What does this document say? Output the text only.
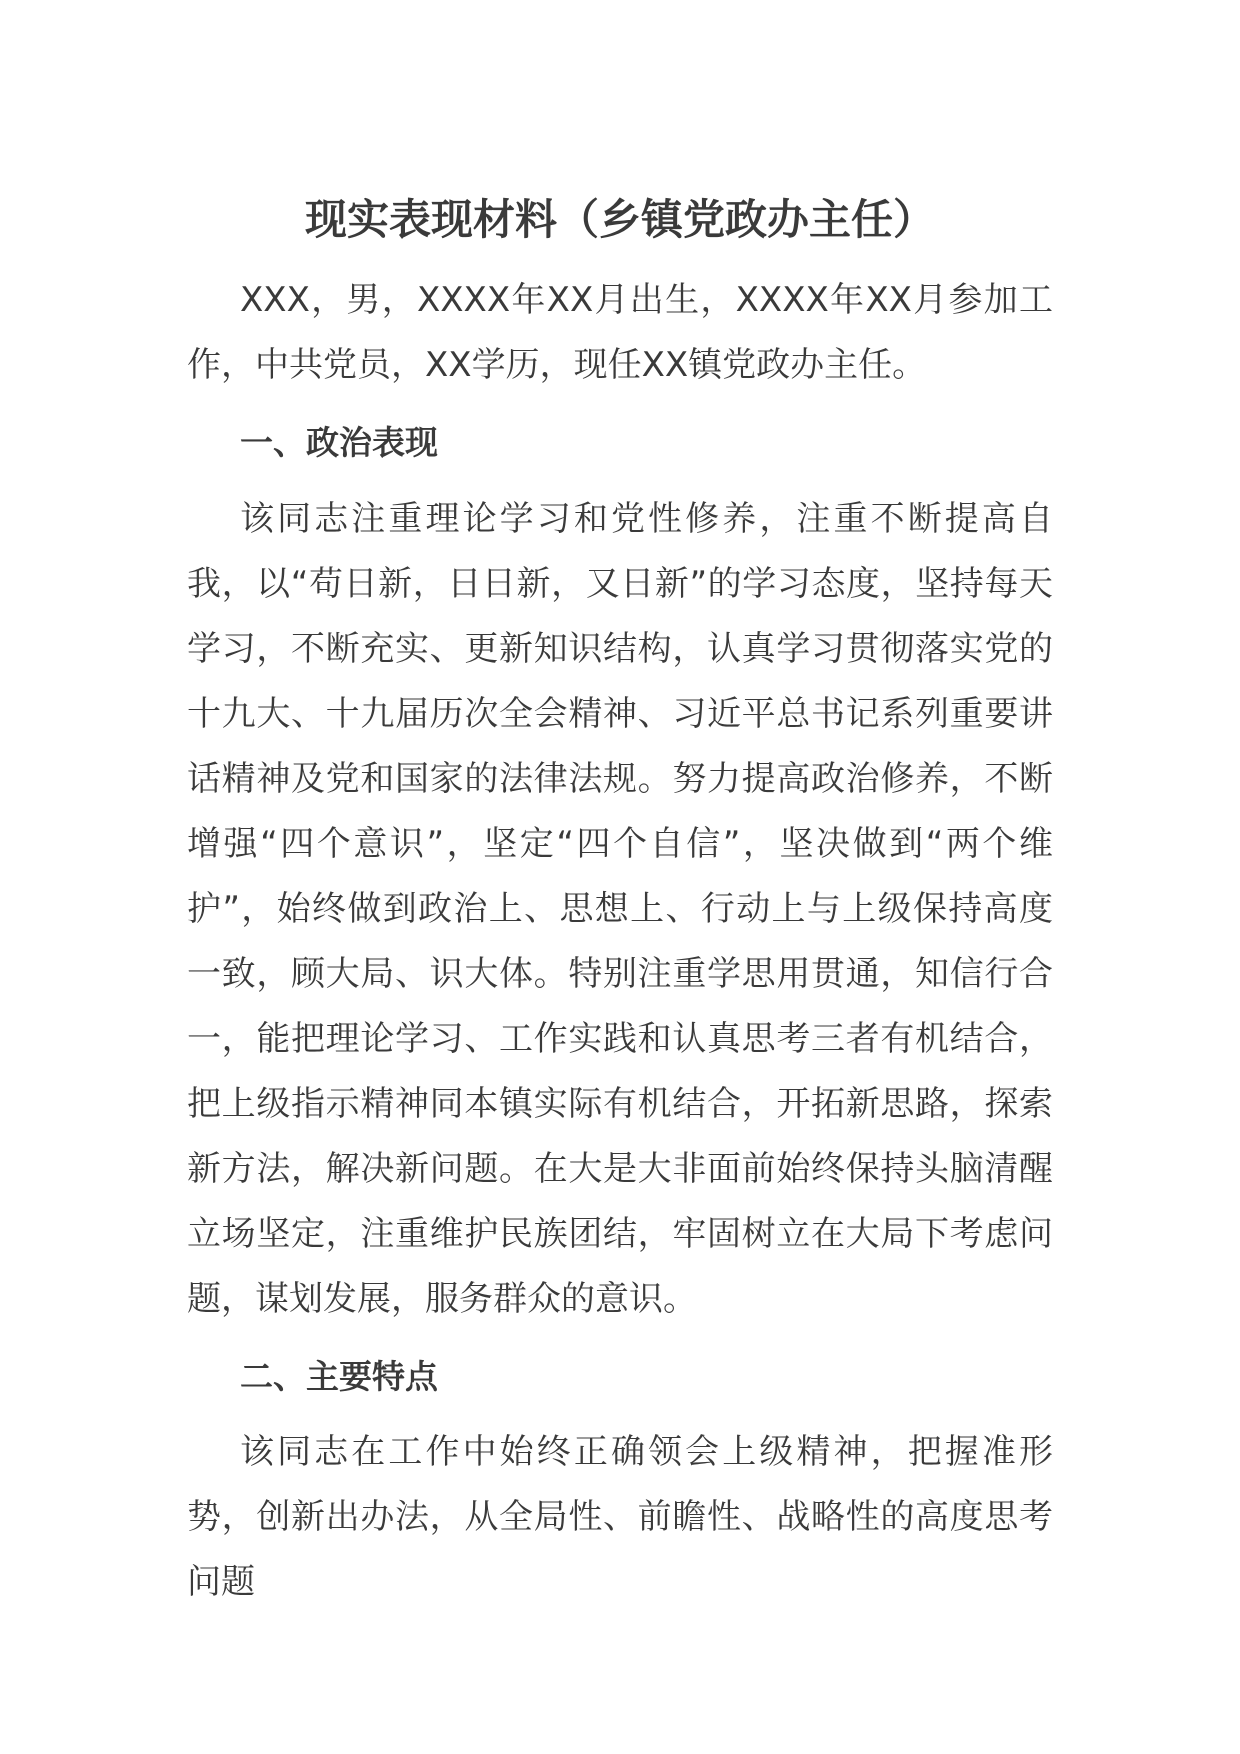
现实表现材料（乡镇党政办主任）

XXX，男，XXXX年XX月出生，XXXX年XX月参加工作，中共党员，XX学历，现任XX镇党政办主任。

一、政治表现

该同志注重理论学习和党性修养，注重不断提高自我，以“苟日新，日日新，又日新”的学习态度，坚持每天学习，不断充实、更新知识结构，认真学习贯彻落实党的十九大、十九届历次全会精神、习近平总书记系列重要讲话精神及党和国家的法律法规。努力提高政治修养，不断增强“四个意识”，坚定“四个自信”，坚决做到“两个维护”，始终做到政治上、思想上、行动上与上级保持高度一致，顾大局、识大体。特别注重学思用贯通，知信行合一，能把理论学习、工作实践和认真思考三者有机结合，把上级指示精神同本镇实际有机结合，开拓新思路，探索新方法，解决新问题。在大是大非面前始终保持头脑清醒立场坚定，注重维护民族团结，牢固树立在大局下考虑问题，谋划发展，服务群众的意识。

二、主要特点

该同志在工作中始终正确领会上级精神，把握准形势，创新出办法，从全局性、前瞻性、战略性的高度思考问题
